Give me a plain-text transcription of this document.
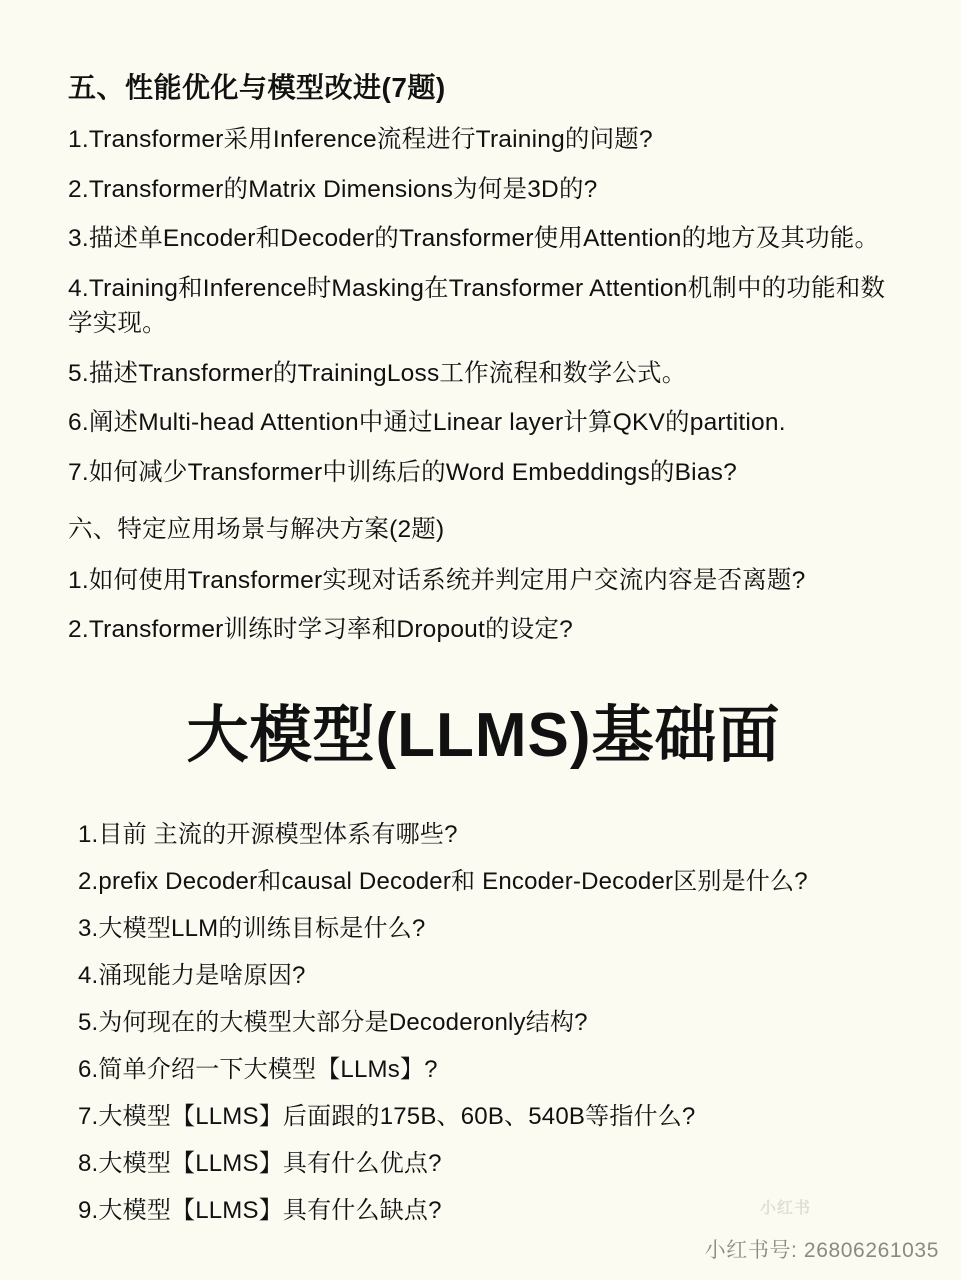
五、性能优化与模型改进(7题)
1.Transformer采用Inference流程进行Training的问题?
2.Transformer的Matrix Dimensions为何是3D的?
3.描述单Encoder和Decoder的Transformer使用Attention的地方及其功能。
4.Training和Inference时Masking在Transformer Attention机制中的功能和数学实现。
5.描述Transformer的TrainingLoss工作流程和数学公式。
6.阐述Multi-head Attention中通过Linear layer计算QKV的partition.
7.如何减少Transformer中训练后的Word Embeddings的Bias?
六、特定应用场景与解决方案(2题)
1.如何使用Transformer实现对话系统并判定用户交流内容是否离题?
2.Transformer训练时学习率和Dropout的设定?
大模型(LLMS)基础面
1.目前 主流的开源模型体系有哪些?
2.prefix Decoder和causal Decoder和 Encoder-Decoder区别是什么?
3.大模型LLM的训练目标是什么?
4.涌现能力是啥原因?
5.为何现在的大模型大部分是Decoderonly结构?
6.简单介绍一下大模型【LLMs】?
7.大模型【LLMS】后面跟的175B、60B、540B等指什么?
8.大模型【LLMS】具有什么优点?
9.大模型【LLMS】具有什么缺点?	小红书
小红书号: 26806261035
